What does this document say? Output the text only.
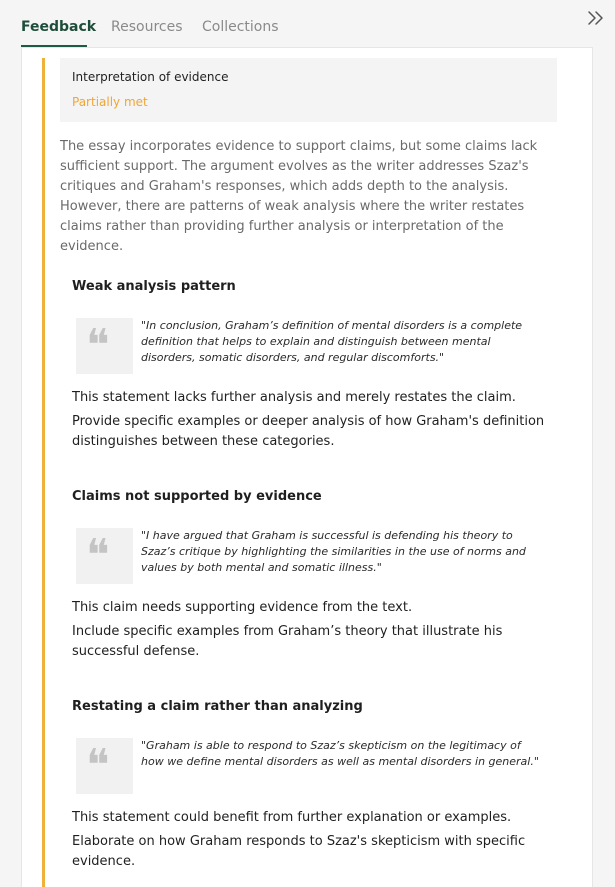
Feedback Resources Collections
Interpretation of evidence
Partially met
The essay incorporates evidence to support claims, but some claims lack sufficient support. The argument evolves as the writer addresses Szaz's critiques and Graham's responses, which adds depth to the analysis. However, there are patterns of weak analysis where the writer restates claims rather than providing further analysis or interpretation of the evidence.
Weak analysis pattern
❝	"In conclusion, Graham’s definition of mental disorders is a complete definition that helps to explain and distinguish between mental disorders, somatic disorders, and regular discomforts."
This statement lacks further analysis and merely restates the claim.
Provide specific examples or deeper analysis of how Graham's definition distinguishes between these categories.
Claims not supported by evidence
❝	"I have argued that Graham is successful is defending his theory to Szaz’s critique by highlighting the similarities in the use of norms and values by both mental and somatic illness."
This claim needs supporting evidence from the text.
Include specific examples from Graham’s theory that illustrate his successful defense.
Restating a claim rather than analyzing
❝	"Graham is able to respond to Szaz’s skepticism on the legitimacy of how we define mental disorders as well as mental disorders in general."
This statement could benefit from further explanation or examples.
Elaborate on how Graham responds to Szaz's skepticism with specific evidence.
